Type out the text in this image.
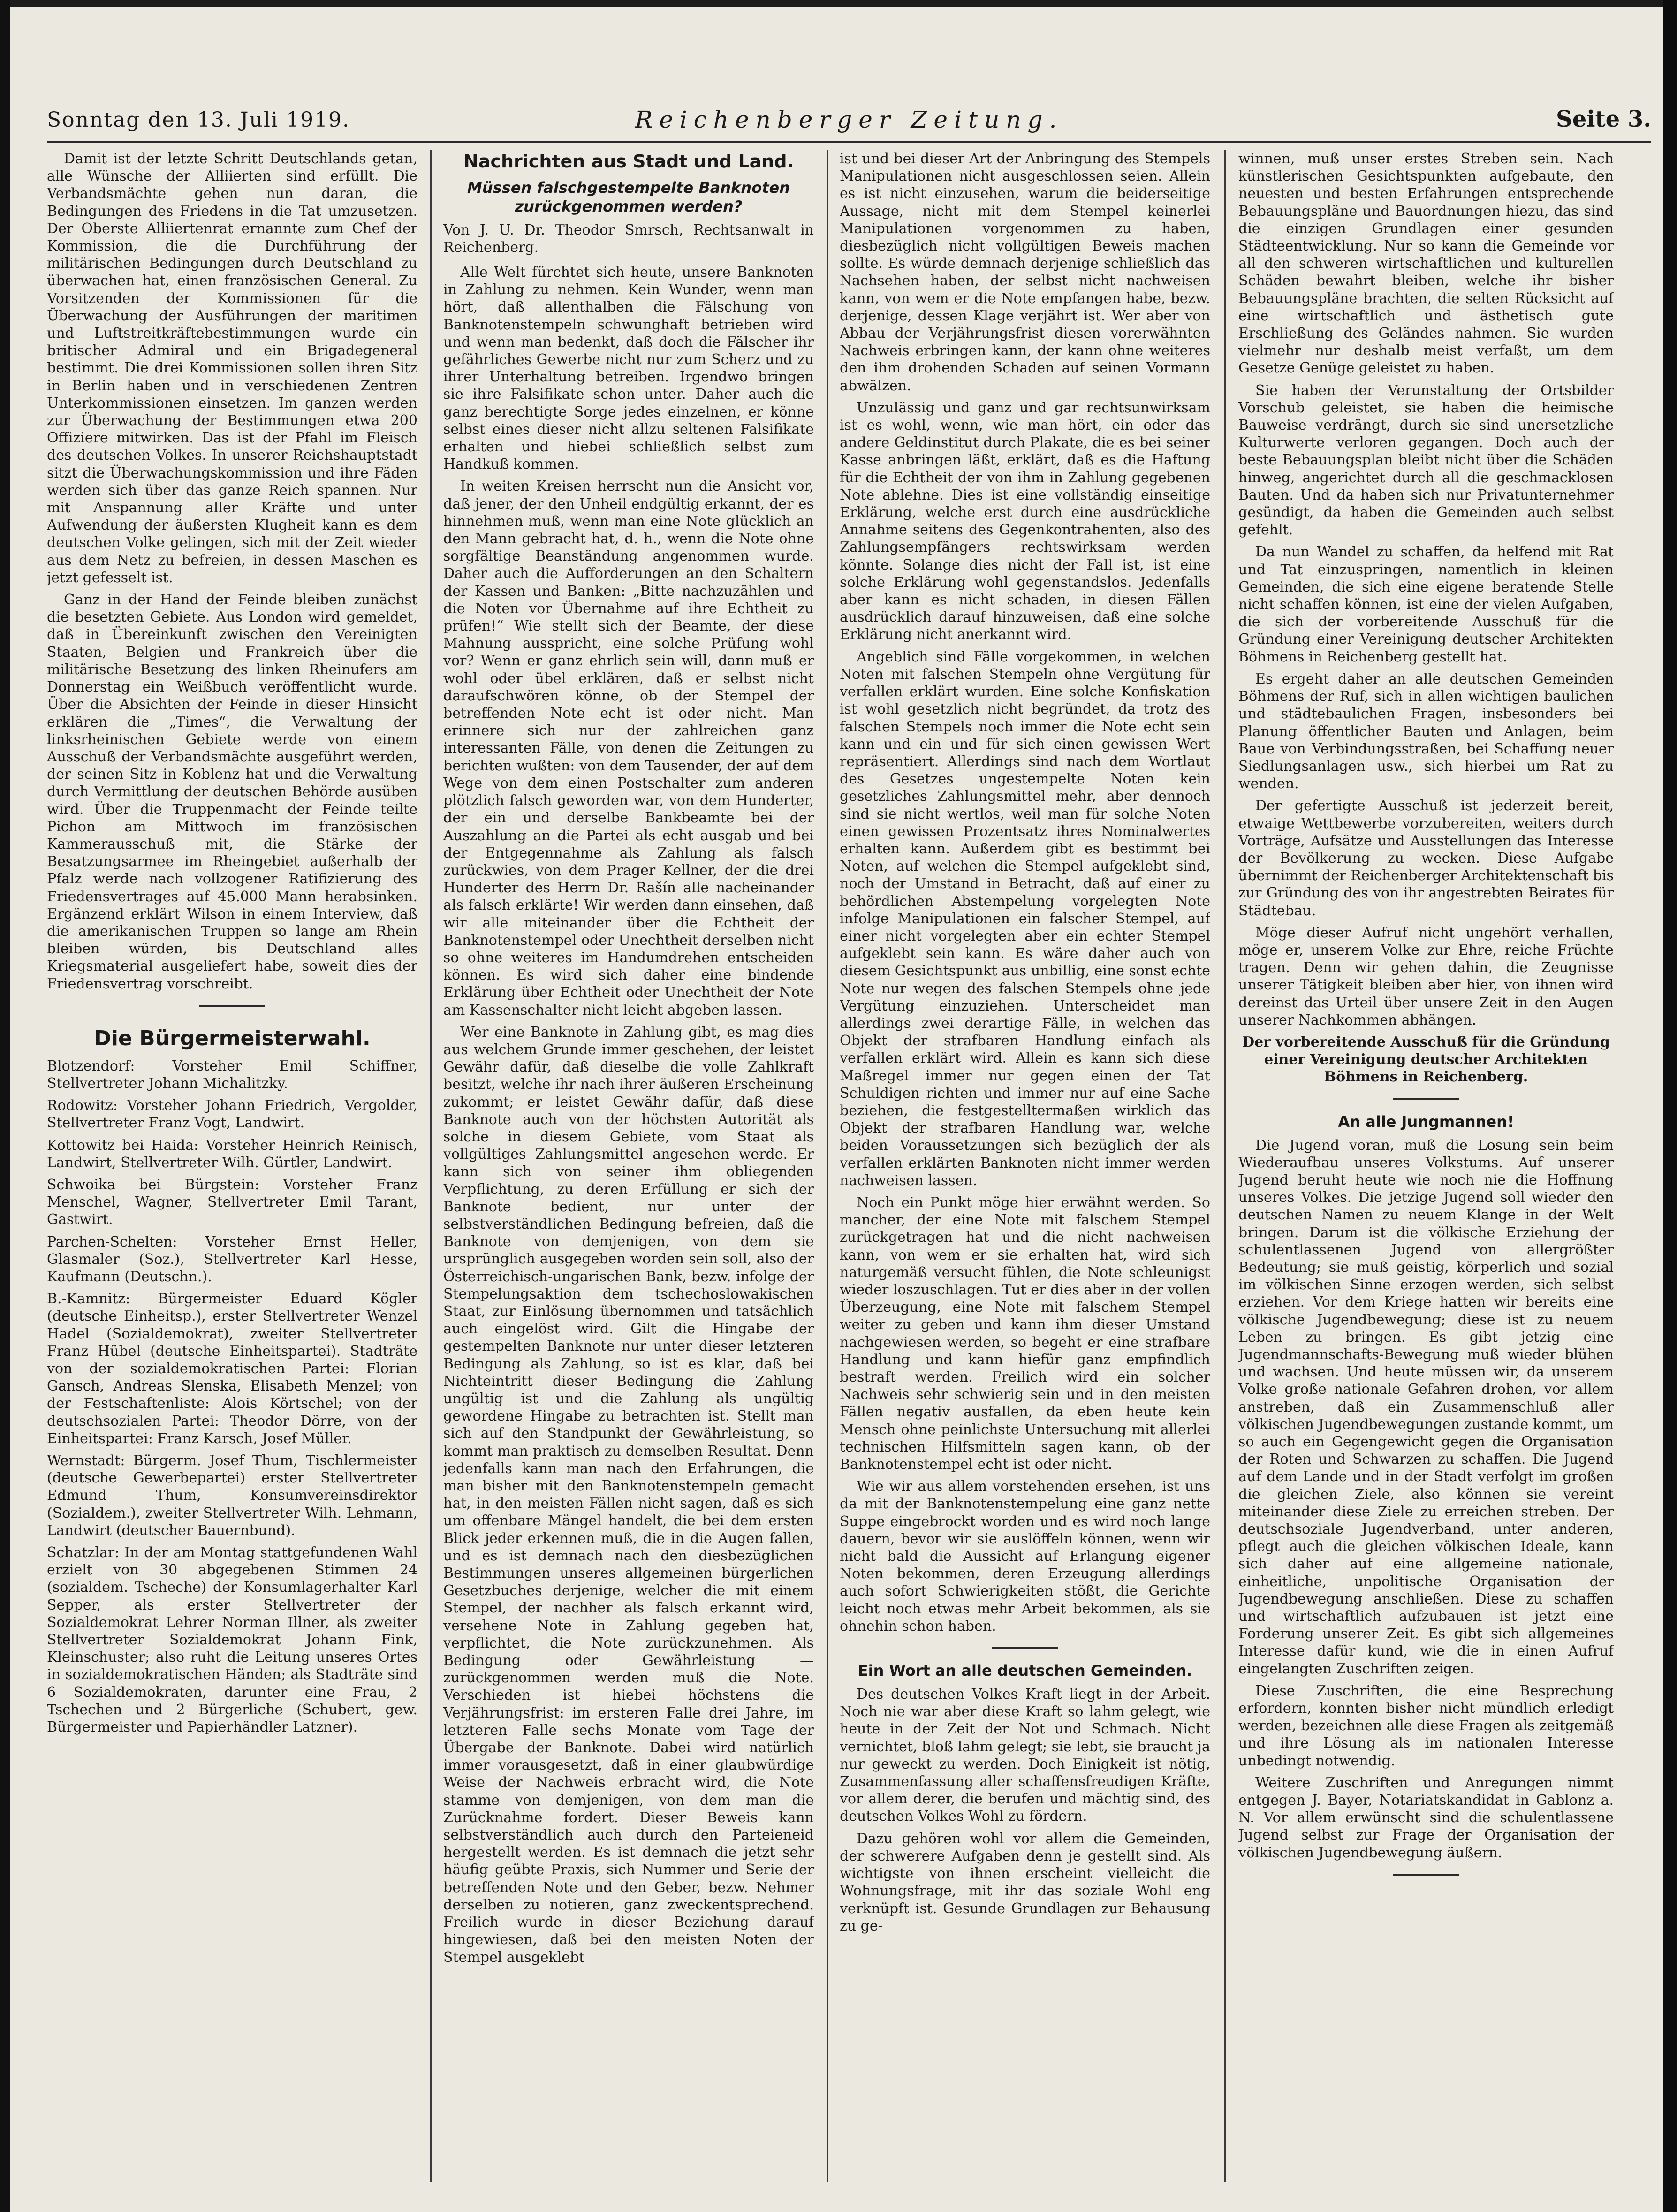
Sonntag den 13. Juli 1919.	Reichenberger Zeitung.	Seite 3.

Damit ist der letzte Schritt Deutschlands getan, alle Wünsche der Alliierten sind erfüllt. Die Verbandsmächte gehen nun daran, die Bedingungen des Friedens in die Tat umzusetzen. Der Oberste Alliiertenrat ernannte zum Chef der Kommission, die die Durchführung der militärischen Bedingungen durch Deutschland zu überwachen hat, einen französischen General. Zu Vorsitzenden der Kommissionen für die Überwachung der Ausführungen der maritimen und Luftstreitkräftebestimmungen wurde ein britischer Admiral und ein Brigadegeneral bestimmt. Die drei Kommissionen sollen ihren Sitz in Berlin haben und in verschiedenen Zentren Unterkommissionen einsetzen. Im ganzen werden zur Überwachung der Bestimmungen etwa 200 Offiziere mitwirken. Das ist der Pfahl im Fleisch des deutschen Volkes. In unserer Reichshauptstadt sitzt die Überwachungskommission und ihre Fäden werden sich über das ganze Reich spannen. Nur mit Anspannung aller Kräfte und unter Aufwendung der äußersten Klugheit kann es dem deutschen Volke gelingen, sich mit der Zeit wieder aus dem Netz zu befreien, in dessen Maschen es jetzt gefesselt ist.

Ganz in der Hand der Feinde bleiben zunächst die besetzten Gebiete. Aus London wird gemeldet, daß in Übereinkunft zwischen den Vereinigten Staaten, Belgien und Frankreich über die militärische Besetzung des linken Rheinufers am Donnerstag ein Weißbuch veröffentlicht wurde. Über die Absichten der Feinde in dieser Hinsicht erklären die „Times“, die Verwaltung der linksrheinischen Gebiete werde von einem Ausschuß der Verbandsmächte ausgeführt werden, der seinen Sitz in Koblenz hat und die Verwaltung durch Vermittlung der deutschen Behörde ausüben wird. Über die Truppenmacht der Feinde teilte Pichon am Mittwoch im französischen Kammerausschuß mit, die Stärke der Besatzungsarmee im Rheingebiet außerhalb der Pfalz werde nach vollzogener Ratifizierung des Friedensvertrages auf 45.000 Mann herabsinken. Ergänzend erklärt Wilson in einem Interview, daß die amerikanischen Truppen so lange am Rhein bleiben würden, bis Deutschland alles Kriegsmaterial ausgeliefert habe, soweit dies der Friedensvertrag vorschreibt.

Die Bürgermeisterwahl.

Blotzendorf: Vorsteher Emil Schiffner, Stellvertreter Johann Michalitzky.

Rodowitz: Vorsteher Johann Friedrich, Vergolder, Stellvertreter Franz Vogt, Landwirt.

Kottowitz bei Haida: Vorsteher Heinrich Reinisch, Landwirt, Stellvertreter Wilh. Gürtler, Landwirt.

Schwoika bei Bürgstein: Vorsteher Franz Menschel, Wagner, Stellvertreter Emil Tarant, Gastwirt.

Parchen-Schelten: Vorsteher Ernst Heller, Glasmaler (Soz.), Stellvertreter Karl Hesse, Kaufmann (Deutschn.).

B.-Kamnitz: Bürgermeister Eduard Kögler (deutsche Einheitsp.), erster Stellvertreter Wenzel Hadel (Sozialdemokrat), zweiter Stellvertreter Franz Hübel (deutsche Einheitspartei). Stadträte von der sozialdemokratischen Partei: Florian Gansch, Andreas Slenska, Elisabeth Menzel; von der Festschaftenliste: Alois Körtschel; von der deutschsozialen Partei: Theodor Dörre, von der Einheitspartei: Franz Karsch, Josef Müller.

Wernstadt: Bürgerm. Josef Thum, Tischlermeister (deutsche Gewerbepartei) erster Stellvertreter Edmund Thum, Konsumvereinsdirektor (Sozialdem.), zweiter Stellvertreter Wilh. Lehmann, Landwirt (deutscher Bauernbund).

Schatzlar: In der am Montag stattgefundenen Wahl erzielt von 30 abgegebenen Stimmen 24 (sozialdem. Tscheche) der Konsumlagerhalter Karl Sepper, als erster Stellvertreter der Sozialdemokrat Lehrer Norman Illner, als zweiter Stellvertreter Sozialdemokrat Johann Fink, Kleinschuster; also ruht die Leitung unseres Ortes in sozialdemokratischen Händen; als Stadträte sind 6 Sozialdemokraten, darunter eine Frau, 2 Tschechen und 2 Bürgerliche (Schubert, gew. Bürgermeister und Papierhändler Latzner).

Nachrichten aus Stadt und Land.
Müssen falschgestempelte Banknoten zurückgenommen werden?

Von J. U. Dr. Theodor Smrsch, Rechtsanwalt in Reichenberg.

Alle Welt fürchtet sich heute, unsere Banknoten in Zahlung zu nehmen. Kein Wunder, wenn man hört, daß allenthalben die Fälschung von Banknotenstempeln schwunghaft betrieben wird und wenn man bedenkt, daß doch die Fälscher ihr gefährliches Gewerbe nicht nur zum Scherz und zu ihrer Unterhaltung betreiben. Irgendwo bringen sie ihre Falsifikate schon unter. Daher auch die ganz berechtigte Sorge jedes einzelnen, er könne selbst eines dieser nicht allzu seltenen Falsifikate erhalten und hiebei schließlich selbst zum Handkuß kommen.

In weiten Kreisen herrscht nun die Ansicht vor, daß jener, der den Unheil endgültig erkannt, der es hinnehmen muß, wenn man eine Note glücklich an den Mann gebracht hat, d. h., wenn die Note ohne sorgfältige Beanständung angenommen wurde. Daher auch die Aufforderungen an den Schaltern der Kassen und Banken: „Bitte nachzuzählen und die Noten vor Übernahme auf ihre Echtheit zu prüfen!“ Wie stellt sich der Beamte, der diese Mahnung ausspricht, eine solche Prüfung wohl vor? Wenn er ganz ehrlich sein will, dann muß er wohl oder übel erklären, daß er selbst nicht daraufschwören könne, ob der Stempel der betreffenden Note echt ist oder nicht. Man erinnere sich nur der zahlreichen ganz interessanten Fälle, von denen die Zeitungen zu berichten wußten: von dem Tausender, der auf dem Wege von dem einen Postschalter zum anderen plötzlich falsch geworden war, von dem Hunderter, der ein und derselbe Bankbeamte bei der Auszahlung an die Partei als echt ausgab und bei der Entgegennahme als Zahlung als falsch zurückwies, von dem Prager Kellner, der die drei Hunderter des Herrn Dr. Rašín alle nacheinander als falsch erklärte! Wir werden dann einsehen, daß wir alle miteinander über die Echtheit der Banknotenstempel oder Unechtheit derselben nicht so ohne weiteres im Handumdrehen entscheiden können. Es wird sich daher eine bindende Erklärung über Echtheit oder Unechtheit der Note am Kassenschalter nicht leicht abgeben lassen.

Wer eine Banknote in Zahlung gibt, es mag dies aus welchem Grunde immer geschehen, der leistet Gewähr dafür, daß dieselbe die volle Zahlkraft besitzt, welche ihr nach ihrer äußeren Erscheinung zukommt; er leistet Gewähr dafür, daß diese Banknote auch von der höchsten Autorität als solche in diesem Gebiete, vom Staat als vollgültiges Zahlungsmittel angesehen werde. Er kann sich von seiner ihm obliegenden Verpflichtung, zu deren Erfüllung er sich der Banknote bedient, nur unter der selbstverständlichen Bedingung befreien, daß die Banknote von demjenigen, von dem sie ursprünglich ausgegeben worden sein soll, also der Österreichisch-ungarischen Bank, bezw. infolge der Stempelungsaktion dem tschechoslowakischen Staat, zur Einlösung übernommen und tatsächlich auch eingelöst wird. Gilt die Hingabe der gestempelten Banknote nur unter dieser letzteren Bedingung als Zahlung, so ist es klar, daß bei Nichteintritt dieser Bedingung die Zahlung ungültig ist und die Zahlung als ungültig gewordene Hingabe zu betrachten ist. Stellt man sich auf den Standpunkt der Gewährleistung, so kommt man praktisch zu demselben Resultat. Denn jedenfalls kann man nach den Erfahrungen, die man bisher mit den Banknotenstempeln gemacht hat, in den meisten Fällen nicht sagen, daß es sich um offenbare Mängel handelt, die bei dem ersten Blick jeder erkennen muß, die in die Augen fallen, und es ist demnach nach den diesbezüglichen Bestimmungen unseres allgemeinen bürgerlichen Gesetzbuches derjenige, welcher die mit einem Stempel, der nachher als falsch erkannt wird, versehene Note in Zahlung gegeben hat, verpflichtet, die Note zurückzunehmen. Als Bedingung oder Gewährleistung — zurückgenommen werden muß die Note. Verschieden ist hiebei höchstens die Verjährungsfrist: im ersteren Falle drei Jahre, im letzteren Falle sechs Monate vom Tage der Übergabe der Banknote. Dabei wird natürlich immer vorausgesetzt, daß in einer glaubwürdige Weise der Nachweis erbracht wird, die Note stamme von demjenigen, von dem man die Zurücknahme fordert. Dieser Beweis kann selbstverständlich auch durch den Parteieneid hergestellt werden. Es ist demnach die jetzt sehr häufig geübte Praxis, sich Nummer und Serie der betreffenden Note und den Geber, bezw. Nehmer derselben zu notieren, ganz zweckentsprechend. Freilich wurde in dieser Beziehung darauf hingewiesen, daß bei den meisten Noten der Stempel ausgeklebt

ist und bei dieser Art der Anbringung des Stempels Manipulationen nicht ausgeschlossen seien. Allein es ist nicht einzusehen, warum die beiderseitige Aussage, nicht mit dem Stempel keinerlei Manipulationen vorgenommen zu haben, diesbezüglich nicht vollgültigen Beweis machen sollte. Es würde demnach derjenige schließlich das Nachsehen haben, der selbst nicht nachweisen kann, von wem er die Note empfangen habe, bezw. derjenige, dessen Klage verjährt ist. Wer aber von Abbau der Verjährungsfrist diesen vorerwähnten Nachweis erbringen kann, der kann ohne weiteres den ihm drohenden Schaden auf seinen Vormann abwälzen.

Unzulässig und ganz und gar rechtsunwirksam ist es wohl, wenn, wie man hört, ein oder das andere Geldinstitut durch Plakate, die es bei seiner Kasse anbringen läßt, erklärt, daß es die Haftung für die Echtheit der von ihm in Zahlung gegebenen Note ablehne. Dies ist eine vollständig einseitige Erklärung, welche erst durch eine ausdrückliche Annahme seitens des Gegenkontrahenten, also des Zahlungsempfängers rechtswirksam werden könnte. Solange dies nicht der Fall ist, ist eine solche Erklärung wohl gegenstandslos. Jedenfalls aber kann es nicht schaden, in diesen Fällen ausdrücklich darauf hinzuweisen, daß eine solche Erklärung nicht anerkannt wird.

Angeblich sind Fälle vorgekommen, in welchen Noten mit falschen Stempeln ohne Vergütung für verfallen erklärt wurden. Eine solche Konfiskation ist wohl gesetzlich nicht begründet, da trotz des falschen Stempels noch immer die Note echt sein kann und ein und für sich einen gewissen Wert repräsentiert. Allerdings sind nach dem Wortlaut des Gesetzes ungestempelte Noten kein gesetzliches Zahlungsmittel mehr, aber dennoch sind sie nicht wertlos, weil man für solche Noten einen gewissen Prozentsatz ihres Nominalwertes erhalten kann. Außerdem gibt es bestimmt bei Noten, auf welchen die Stempel aufgeklebt sind, noch der Umstand in Betracht, daß auf einer zu behördlichen Abstempelung vorgelegten Note infolge Manipulationen ein falscher Stempel, auf einer nicht vorgelegten aber ein echter Stempel aufgeklebt sein kann. Es wäre daher auch von diesem Gesichtspunkt aus unbillig, eine sonst echte Note nur wegen des falschen Stempels ohne jede Vergütung einzuziehen. Unterscheidet man allerdings zwei derartige Fälle, in welchen das Objekt der strafbaren Handlung einfach als verfallen erklärt wird. Allein es kann sich diese Maßregel immer nur gegen einen der Tat Schuldigen richten und immer nur auf eine Sache beziehen, die festgestelltermaßen wirklich das Objekt der strafbaren Handlung war, welche beiden Voraussetzungen sich bezüglich der als verfallen erklärten Banknoten nicht immer werden nachweisen lassen.

Noch ein Punkt möge hier erwähnt werden. So mancher, der eine Note mit falschem Stempel zurückgetragen hat und die nicht nachweisen kann, von wem er sie erhalten hat, wird sich naturgemäß versucht fühlen, die Note schleunigst wieder loszuschlagen. Tut er dies aber in der vollen Überzeugung, eine Note mit falschem Stempel weiter zu geben und kann ihm dieser Umstand nachgewiesen werden, so begeht er eine strafbare Handlung und kann hiefür ganz empfindlich bestraft werden. Freilich wird ein solcher Nachweis sehr schwierig sein und in den meisten Fällen negativ ausfallen, da eben heute kein Mensch ohne peinlichste Untersuchung mit allerlei technischen Hilfsmitteln sagen kann, ob der Banknotenstempel echt ist oder nicht.

Wie wir aus allem vorstehenden ersehen, ist uns da mit der Banknotenstempelung eine ganz nette Suppe eingebrockt worden und es wird noch lange dauern, bevor wir sie auslöffeln können, wenn wir nicht bald die Aussicht auf Erlangung eigener Noten bekommen, deren Erzeugung allerdings auch sofort Schwierigkeiten stößt, die Gerichte leicht noch etwas mehr Arbeit bekommen, als sie ohnehin schon haben.

Ein Wort an alle deutschen Gemeinden.

Des deutschen Volkes Kraft liegt in der Arbeit. Noch nie war aber diese Kraft so lahm gelegt, wie heute in der Zeit der Not und Schmach. Nicht vernichtet, bloß lahm gelegt; sie lebt, sie braucht ja nur geweckt zu werden. Doch Einigkeit ist nötig, Zusammenfassung aller schaffensfreudigen Kräfte, vor allem derer, die berufen und mächtig sind, des deutschen Volkes Wohl zu fördern.

Dazu gehören wohl vor allem die Gemeinden, der schwerere Aufgaben denn je gestellt sind. Als wichtigste von ihnen erscheint vielleicht die Wohnungsfrage, mit ihr das soziale Wohl eng verknüpft ist. Gesunde Grundlagen zur Behausung zu ge-

winnen, muß unser erstes Streben sein. Nach künstlerischen Gesichtspunkten aufgebaute, den neuesten und besten Erfahrungen entsprechende Bebauungspläne und Bauordnungen hiezu, das sind die einzigen Grundlagen einer gesunden Städteentwicklung. Nur so kann die Gemeinde vor all den schweren wirtschaftlichen und kulturellen Schäden bewahrt bleiben, welche ihr bisher Bebauungspläne brachten, die selten Rücksicht auf eine wirtschaftlich und ästhetisch gute Erschließung des Geländes nahmen. Sie wurden vielmehr nur deshalb meist verfaßt, um dem Gesetze Genüge geleistet zu haben.

Sie haben der Verunstaltung der Ortsbilder Vorschub geleistet, sie haben die heimische Bauweise verdrängt, durch sie sind unersetzliche Kulturwerte verloren gegangen. Doch auch der beste Bebauungsplan bleibt nicht über die Schäden hinweg, angerichtet durch all die geschmacklosen Bauten. Und da haben sich nur Privatunternehmer gesündigt, da haben die Gemeinden auch selbst gefehlt.

Da nun Wandel zu schaffen, da helfend mit Rat und Tat einzuspringen, namentlich in kleinen Gemeinden, die sich eine eigene beratende Stelle nicht schaffen können, ist eine der vielen Aufgaben, die sich der vorbereitende Ausschuß für die Gründung einer Vereinigung deutscher Architekten Böhmens in Reichenberg gestellt hat.

Es ergeht daher an alle deutschen Gemeinden Böhmens der Ruf, sich in allen wichtigen baulichen und städtebaulichen Fragen, insbesonders bei Planung öffentlicher Bauten und Anlagen, beim Baue von Verbindungsstraßen, bei Schaffung neuer Siedlungsanlagen usw., sich hierbei um Rat zu wenden.

Der gefertigte Ausschuß ist jederzeit bereit, etwaige Wettbewerbe vorzubereiten, weiters durch Vorträge, Aufsätze und Ausstellungen das Interesse der Bevölkerung zu wecken. Diese Aufgabe übernimmt der Reichenberger Architektenschaft bis zur Gründung des von ihr angestrebten Beirates für Städtebau.

Möge dieser Aufruf nicht ungehört verhallen, möge er, unserem Volke zur Ehre, reiche Früchte tragen. Denn wir gehen dahin, die Zeugnisse unserer Tätigkeit bleiben aber hier, von ihnen wird dereinst das Urteil über unsere Zeit in den Augen unserer Nachkommen abhängen.

Der vorbereitende Ausschuß für die Gründung einer Vereinigung deutscher Architekten Böhmens in Reichenberg.

An alle Jungmannen!

Die Jugend voran, muß die Losung sein beim Wiederaufbau unseres Volkstums. Auf unserer Jugend beruht heute wie noch nie die Hoffnung unseres Volkes. Die jetzige Jugend soll wieder den deutschen Namen zu neuem Klange in der Welt bringen. Darum ist die völkische Erziehung der schulentlassenen Jugend von allergrößter Bedeutung; sie muß geistig, körperlich und sozial im völkischen Sinne erzogen werden, sich selbst erziehen. Vor dem Kriege hatten wir bereits eine völkische Jugendbewegung; diese ist zu neuem Leben zu bringen. Es gibt jetzig eine Jugendmannschafts-Bewegung muß wieder blühen und wachsen. Und heute müssen wir, da unserem Volke große nationale Gefahren drohen, vor allem anstreben, daß ein Zusammenschluß aller völkischen Jugendbewegungen zustande kommt, um so auch ein Gegengewicht gegen die Organisation der Roten und Schwarzen zu schaffen. Die Jugend auf dem Lande und in der Stadt verfolgt im großen die gleichen Ziele, also können sie vereint miteinander diese Ziele zu erreichen streben. Der deutschsoziale Jugendverband, unter anderen, pflegt auch die gleichen völkischen Ideale, kann sich daher auf eine allgemeine nationale, einheitliche, unpolitische Organisation der Jugendbewegung anschließen. Diese zu schaffen und wirtschaftlich aufzubauen ist jetzt eine Forderung unserer Zeit. Es gibt sich allgemeines Interesse dafür kund, wie die in einen Aufruf eingelangten Zuschriften zeigen.

Diese Zuschriften, die eine Besprechung erfordern, konnten bisher nicht mündlich erledigt werden, bezeichnen alle diese Fragen als zeitgemäß und ihre Lösung als im nationalen Interesse unbedingt notwendig.

Weitere Zuschriften und Anregungen nimmt entgegen J. Bayer, Notariatskandidat in Gablonz a. N. Vor allem erwünscht sind die schulentlassene Jugend selbst zur Frage der Organisation der völkischen Jugendbewegung äußern.
